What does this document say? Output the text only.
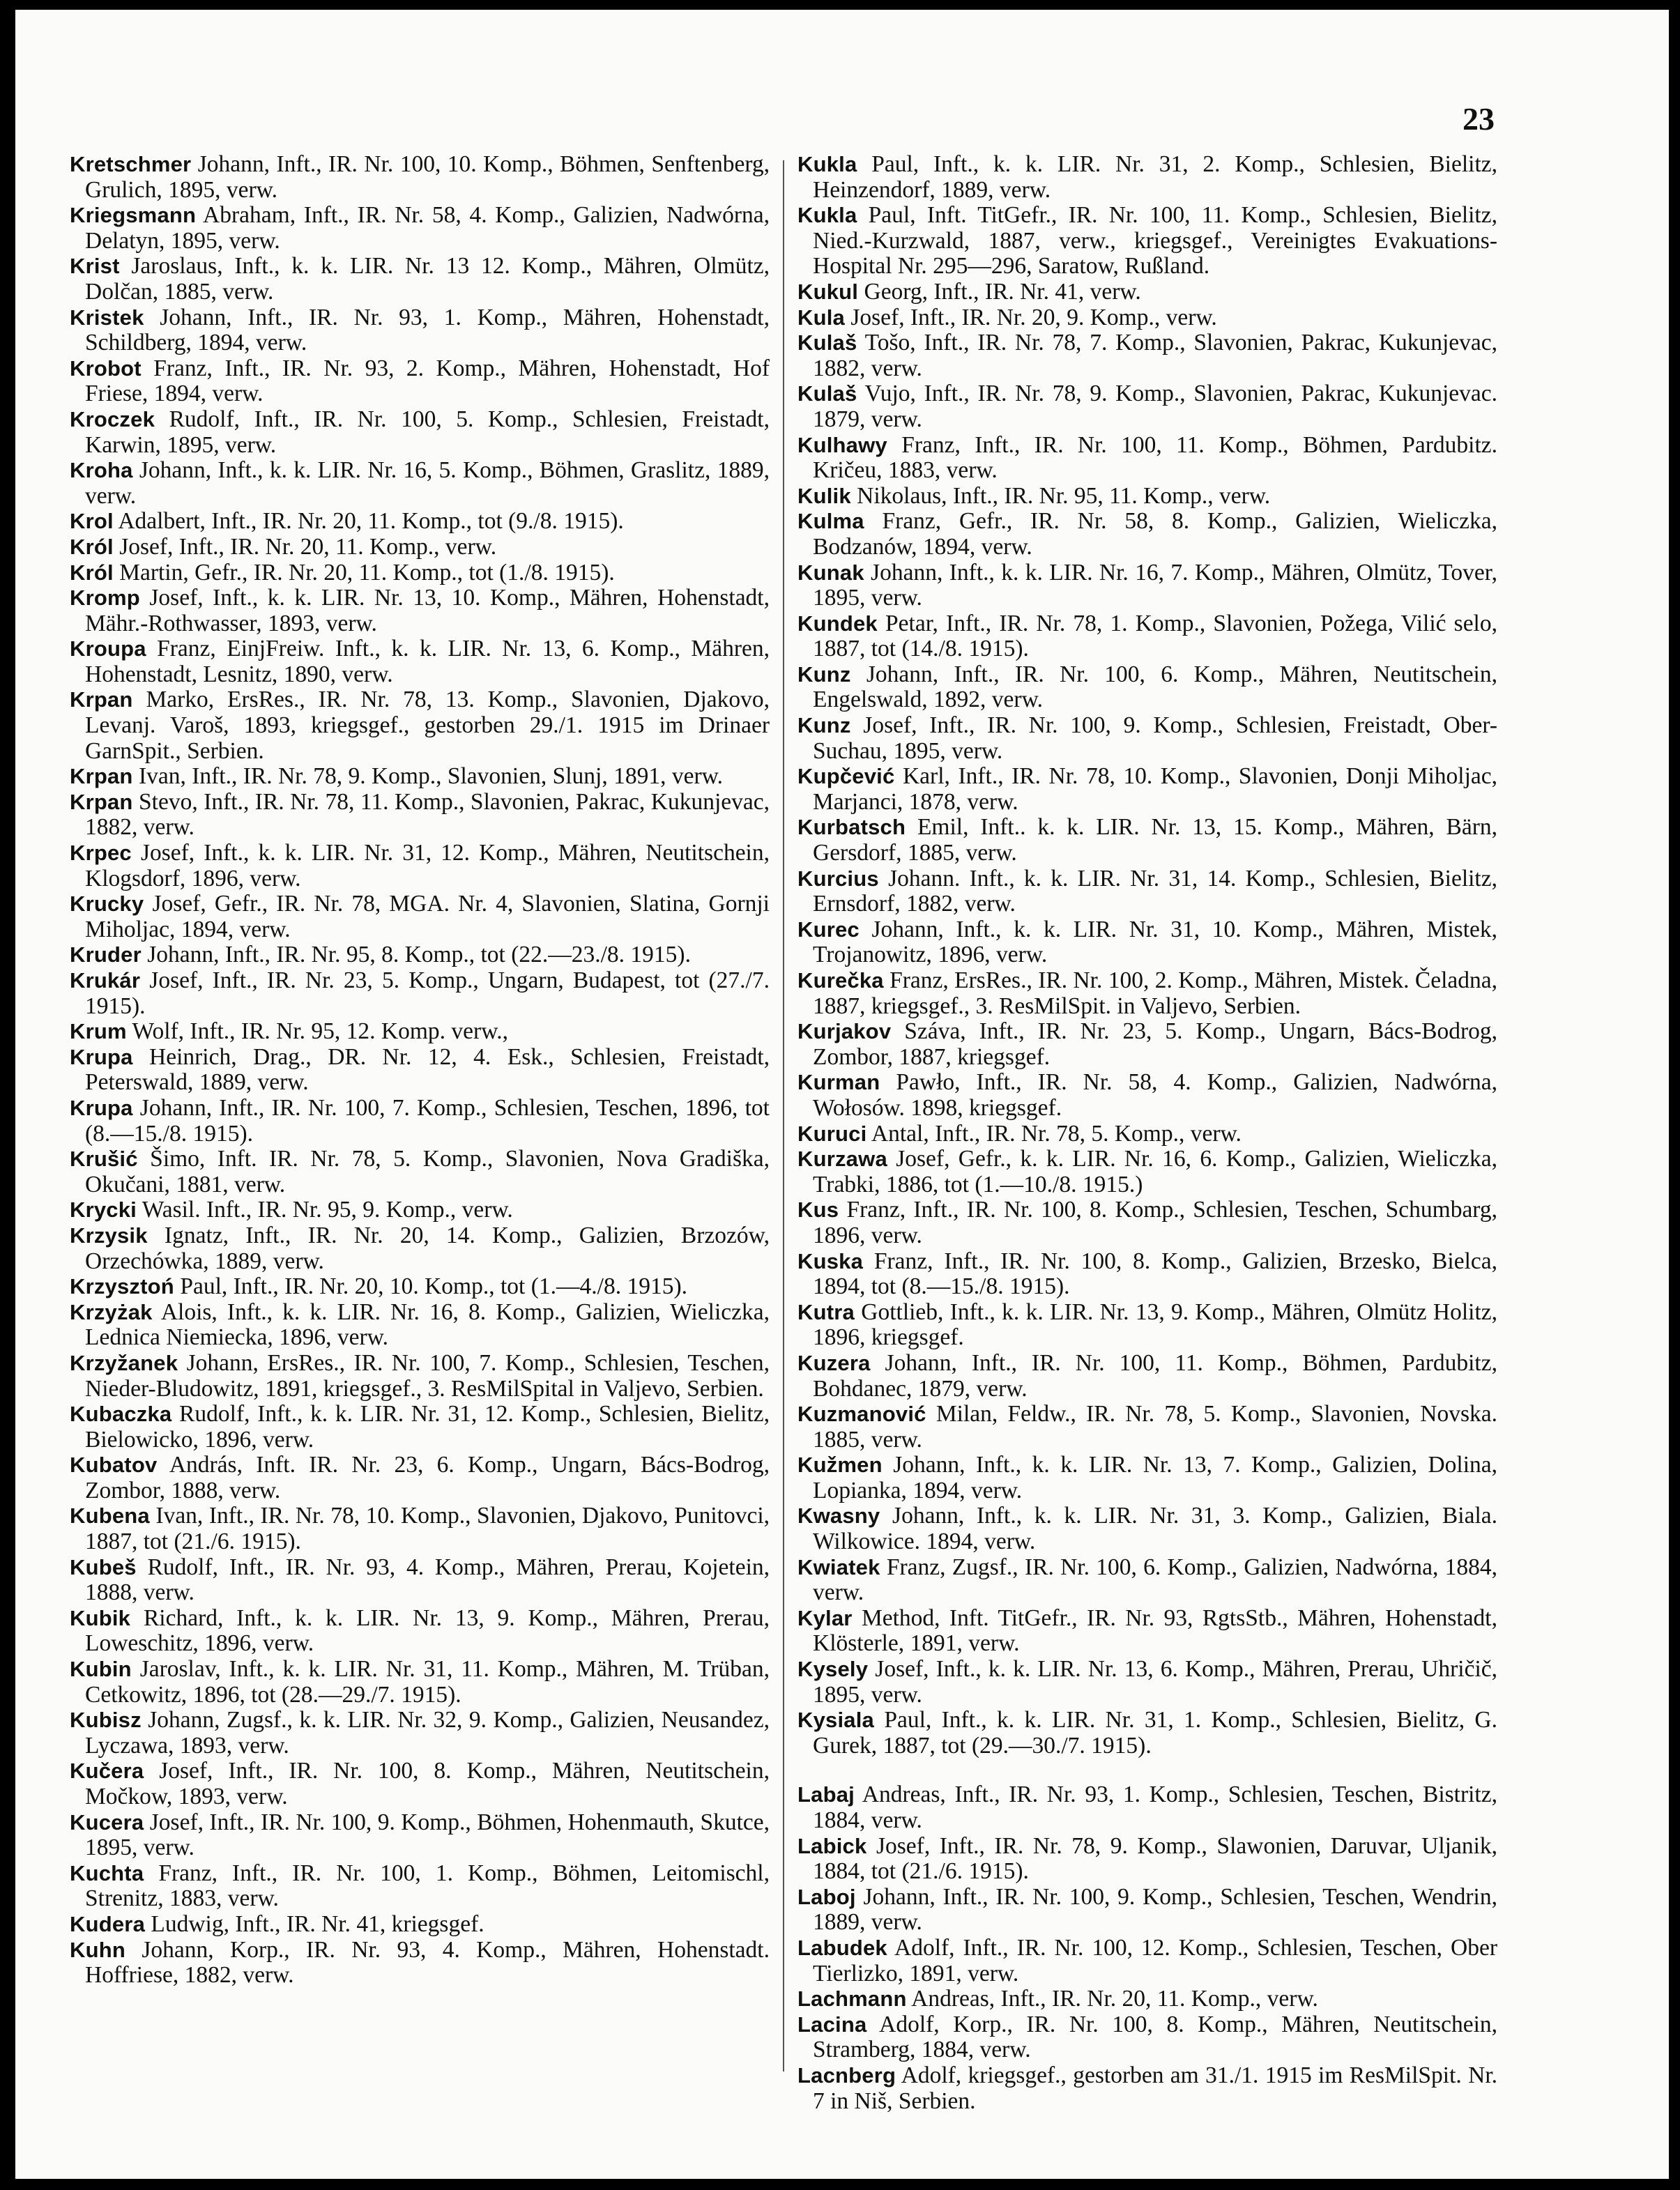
23

Kretschmer Johann, Inft., IR. Nr. 100, 10. Komp., Böhmen, Senftenberg, Grulich, 1895, verw.

Kriegsmann Abraham, Inft., IR. Nr. 58, 4. Komp., Galizien, Nadwórna, Delatyn, 1895, verw.

Krist Jaroslaus, Inft., k. k. LIR. Nr. 13 12. Komp., Mähren, Olmütz, Dolčan, 1885, verw.

Kristek Johann, Inft., IR. Nr. 93, 1. Komp., Mähren, Hohenstadt, Schildberg, 1894, verw.

Krobot Franz, Inft., IR. Nr. 93, 2. Komp., Mähren, Hohenstadt, Hof Friese, 1894, verw.

Kroczek Rudolf, Inft., IR. Nr. 100, 5. Komp., Schlesien, Freistadt, Karwin, 1895, verw.

Kroha Johann, Inft., k. k. LIR. Nr. 16, 5. Komp., Böhmen, Graslitz, 1889, verw.

Krol Adalbert, Inft., IR. Nr. 20, 11. Komp., tot (9./8. 1915).

Król Josef, Inft., IR. Nr. 20, 11. Komp., verw.

Król Martin, Gefr., IR. Nr. 20, 11. Komp., tot (1./8. 1915).

Kromp Josef, Inft., k. k. LIR. Nr. 13, 10. Komp., Mähren, Hohenstadt, Mähr.-Rothwasser, 1893, verw.

Kroupa Franz, EinjFreiw. Inft., k. k. LIR. Nr. 13, 6. Komp., Mähren, Hohenstadt, Lesnitz, 1890, verw.

Krpan Marko, ErsRes., IR. Nr. 78, 13. Komp., Slavonien, Djakovo, Levanj. Varoš, 1893, kriegsgef., gestorben 29./1. 1915 im Drinaer GarnSpit., Serbien.

Krpan Ivan, Inft., IR. Nr. 78, 9. Komp., Slavonien, Slunj, 1891, verw.

Krpan Stevo, Inft., IR. Nr. 78, 11. Komp., Slavonien, Pakrac, Kukunjevac, 1882, verw.

Krpec Josef, Inft., k. k. LIR. Nr. 31, 12. Komp., Mähren, Neutitschein, Klogsdorf, 1896, verw.

Krucky Josef, Gefr., IR. Nr. 78, MGA. Nr. 4, Slavonien, Slatina, Gornji Miholjac, 1894, verw.

Kruder Johann, Inft., IR. Nr. 95, 8. Komp., tot (22.—23./8. 1915).

Krukár Josef, Inft., IR. Nr. 23, 5. Komp., Ungarn, Budapest, tot (27./7. 1915).

Krum Wolf, Inft., IR. Nr. 95, 12. Komp. verw.,

Krupa Heinrich, Drag., DR. Nr. 12, 4. Esk., Schlesien, Freistadt, Peterswald, 1889, verw.

Krupa Johann, Inft., IR. Nr. 100, 7. Komp., Schlesien, Teschen, 1896, tot (8.—15./8. 1915).

Krušić Šimo, Inft. IR. Nr. 78, 5. Komp., Slavonien, Nova Gradiška, Okučani, 1881, verw.

Krycki Wasil. Inft., IR. Nr. 95, 9. Komp., verw.

Krzysik Ignatz, Inft., IR. Nr. 20, 14. Komp., Galizien, Brzozów, Orzechówka, 1889, verw.

Krzysztoń Paul, Inft., IR. Nr. 20, 10. Komp., tot (1.—4./8. 1915).

Krzyżak Alois, Inft., k. k. LIR. Nr. 16, 8. Komp., Galizien, Wieliczka, Lednica Niemiecka, 1896, verw.

Krzyžanek Johann, ErsRes., IR. Nr. 100, 7. Komp., Schlesien, Teschen, Nieder-Bludowitz, 1891, kriegsgef., 3. ResMilSpital in Valjevo, Serbien.

Kubaczka Rudolf, Inft., k. k. LIR. Nr. 31, 12. Komp., Schlesien, Bielitz, Bielowicko, 1896, verw.

Kubatov András, Inft. IR. Nr. 23, 6. Komp., Ungarn, Bács-Bodrog, Zombor, 1888, verw.

Kubena Ivan, Inft., IR. Nr. 78, 10. Komp., Slavonien, Djakovo, Punitovci, 1887, tot (21./6. 1915).

Kubeš Rudolf, Inft., IR. Nr. 93, 4. Komp., Mähren, Prerau, Kojetein, 1888, verw.

Kubik Richard, Inft., k. k. LIR. Nr. 13, 9. Komp., Mähren, Prerau, Loweschitz, 1896, verw.

Kubin Jaroslav, Inft., k. k. LIR. Nr. 31, 11. Komp., Mähren, M. Trüban, Cetkowitz, 1896, tot (28.—29./7. 1915).

Kubisz Johann, Zugsf., k. k. LIR. Nr. 32, 9. Komp., Galizien, Neusandez, Lyczawa, 1893, verw.

Kučera Josef, Inft., IR. Nr. 100, 8. Komp., Mähren, Neutitschein, Močkow, 1893, verw.

Kucera Josef, Inft., IR. Nr. 100, 9. Komp., Böhmen, Hohenmauth, Skutce, 1895, verw.

Kuchta Franz, Inft., IR. Nr. 100, 1. Komp., Böhmen, Leitomischl, Strenitz, 1883, verw.

Kudera Ludwig, Inft., IR. Nr. 41, kriegsgef.

Kuhn Johann, Korp., IR. Nr. 93, 4. Komp., Mähren, Hohenstadt. Hoffriese, 1882, verw.

Kukla Paul, Inft., k. k. LIR. Nr. 31, 2. Komp., Schlesien, Bielitz, Heinzendorf, 1889, verw.

Kukla Paul, Inft. TitGefr., IR. Nr. 100, 11. Komp., Schlesien, Bielitz, Nied.-Kurzwald, 1887, verw., kriegsgef., Vereinigtes Evakuations-Hospital Nr. 295—296, Saratow, Rußland.

Kukul Georg, Inft., IR. Nr. 41, verw.

Kula Josef, Inft., IR. Nr. 20, 9. Komp., verw.

Kulaš Tošo, Inft., IR. Nr. 78, 7. Komp., Slavonien, Pakrac, Kukunjevac, 1882, verw.

Kulaš Vujo, Inft., IR. Nr. 78, 9. Komp., Slavonien, Pakrac, Kukunjevac. 1879, verw.

Kulhawy Franz, Inft., IR. Nr. 100, 11. Komp., Böhmen, Pardubitz. Kričeu, 1883, verw.

Kulik Nikolaus, Inft., IR. Nr. 95, 11. Komp., verw.

Kulma Franz, Gefr., IR. Nr. 58, 8. Komp., Galizien, Wieliczka, Bodzanów, 1894, verw.

Kunak Johann, Inft., k. k. LIR. Nr. 16, 7. Komp., Mähren, Olmütz, Tover, 1895, verw.

Kundek Petar, Inft., IR. Nr. 78, 1. Komp., Slavonien, Požega, Vilić selo, 1887, tot (14./8. 1915).

Kunz Johann, Inft., IR. Nr. 100, 6. Komp., Mähren, Neutitschein, Engelswald, 1892, verw.

Kunz Josef, Inft., IR. Nr. 100, 9. Komp., Schlesien, Freistadt, Ober-Suchau, 1895, verw.

Kupčević Karl, Inft., IR. Nr. 78, 10. Komp., Slavonien, Donji Miholjac, Marjanci, 1878, verw.

Kurbatsch Emil, Inft.. k. k. LIR. Nr. 13, 15. Komp., Mähren, Bärn, Gersdorf, 1885, verw.

Kurcius Johann. Inft., k. k. LIR. Nr. 31, 14. Komp., Schlesien, Bielitz, Ernsdorf, 1882, verw.

Kurec Johann, Inft., k. k. LIR. Nr. 31, 10. Komp., Mähren, Mistek, Trojanowitz, 1896, verw.

Kurečka Franz, ErsRes., IR. Nr. 100, 2. Komp., Mähren, Mistek. Čeladna, 1887, kriegsgef., 3. ResMilSpit. in Valjevo, Serbien.

Kurjakov Száva, Inft., IR. Nr. 23, 5. Komp., Ungarn, Bács-Bodrog, Zombor, 1887, kriegsgef.

Kurman Pawło, Inft., IR. Nr. 58, 4. Komp., Galizien, Nadwórna, Wołosów. 1898, kriegsgef.

Kuruci Antal, Inft., IR. Nr. 78, 5. Komp., verw.

Kurzawa Josef, Gefr., k. k. LIR. Nr. 16, 6. Komp., Galizien, Wieliczka, Trabki, 1886, tot (1.—10./8. 1915.)

Kus Franz, Inft., IR. Nr. 100, 8. Komp., Schlesien, Teschen, Schumbarg, 1896, verw.

Kuska Franz, Inft., IR. Nr. 100, 8. Komp., Galizien, Brzesko, Bielca, 1894, tot (8.—15./8. 1915).

Kutra Gottlieb, Inft., k. k. LIR. Nr. 13, 9. Komp., Mähren, Olmütz Holitz, 1896, kriegsgef.

Kuzera Johann, Inft., IR. Nr. 100, 11. Komp., Böhmen, Pardubitz, Bohdanec, 1879, verw.

Kuzmanović Milan, Feldw., IR. Nr. 78, 5. Komp., Slavonien, Novska. 1885, verw.

Kužmen Johann, Inft., k. k. LIR. Nr. 13, 7. Komp., Galizien, Dolina, Lopianka, 1894, verw.

Kwasny Johann, Inft., k. k. LIR. Nr. 31, 3. Komp., Galizien, Biala. Wilkowice. 1894, verw.

Kwiatek Franz, Zugsf., IR. Nr. 100, 6. Komp., Galizien, Nadwórna, 1884, verw.

Kylar Method, Inft. TitGefr., IR. Nr. 93, RgtsStb., Mähren, Hohenstadt, Klösterle, 1891, verw.

Kysely Josef, Inft., k. k. LIR. Nr. 13, 6. Komp., Mähren, Prerau, Uhričič, 1895, verw.

Kysiala Paul, Inft., k. k. LIR. Nr. 31, 1. Komp., Schlesien, Bielitz, G. Gurek, 1887, tot (29.—30./7. 1915).

Labaj Andreas, Inft., IR. Nr. 93, 1. Komp., Schlesien, Teschen, Bistritz, 1884, verw.

Labick Josef, Inft., IR. Nr. 78, 9. Komp., Slawonien, Daruvar, Uljanik, 1884, tot (21./6. 1915).

Laboj Johann, Inft., IR. Nr. 100, 9. Komp., Schlesien, Teschen, Wendrin, 1889, verw.

Labudek Adolf, Inft., IR. Nr. 100, 12. Komp., Schlesien, Teschen, Ober Tierlizko, 1891, verw.

Lachmann Andreas, Inft., IR. Nr. 20, 11. Komp., verw.

Lacina Adolf, Korp., IR. Nr. 100, 8. Komp., Mähren, Neutitschein, Stramberg, 1884, verw.

Lacnberg Adolf, kriegsgef., gestorben am 31./1. 1915 im ResMilSpit. Nr. 7 in Niš, Serbien.
